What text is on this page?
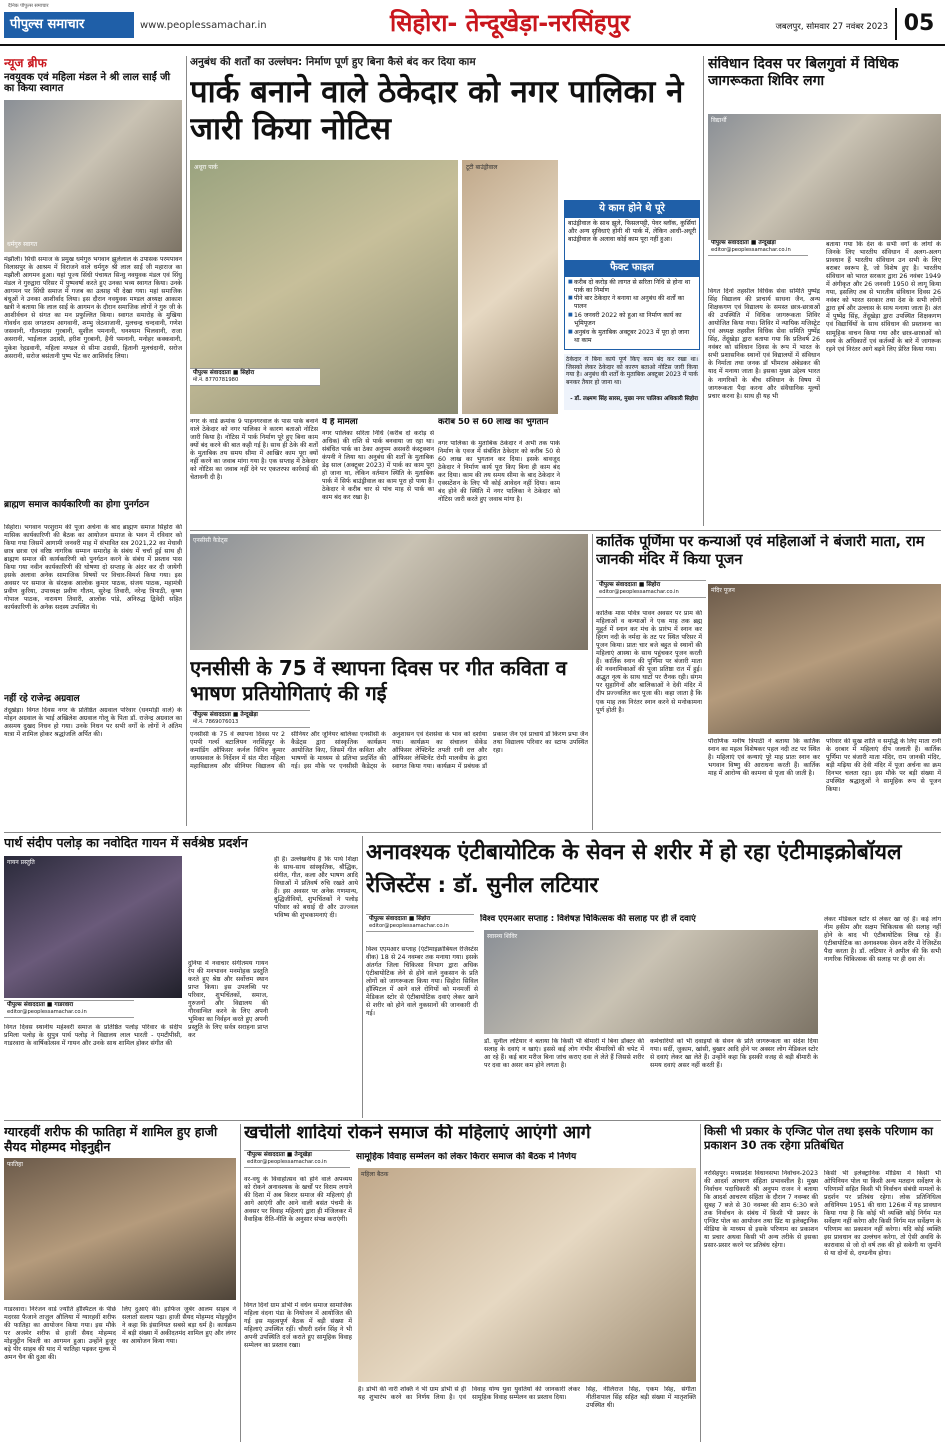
पीपुल्स समाचार
दैनिक पीपुल्स समाचार
www.peoplessamachar.in	सिहोरा- तेन्दूखेड़ा-नरसिंहपुर	जबलपुर, सोमवार 27 नवंबर 2023 05
न्यूज ब्रीफ
नवयुवक एवं महिला मंडल ने श्री लाल साईं जी का किया स्वागत
धर्मगुरु स्वागत
मंझौली। सिंधी समाज के प्रमुख धर्मगुरु भगवान झूलेलाल के उपासक परमपावन विलासपुर के आश्रम में विराजने वाले धर्मगुरु श्री लाल साईं जी महाराज का मझौली आगमन हुआ। यहां पूज्य सिंधी पंचायत सिन्धु नवयुवक मंडल एवं सिंधु मंडल ने गुरुद्वारा परिसर में पुष्पवर्षा करते हुए उनका भव्य स्वागत किया। उनके आगमन पर सिंधी समाज में गजब का उत्साह भी देखा गया। महां समाजिक बंधुओं ने उनका आशीर्वाद लिया। इस दौरान नवयुवक मण्डल अध्यक्ष आकाश खत्री ने बताया कि लाल साईं के आगमन के दौरान समाजिक लोगों ने गुरु जी के आशीर्वचन से संगत का मन प्रफुल्लित किया। स्वागत समारोह के मुखिया गोवर्धन दास जगतराम आगवानी, शम्भु जेठवाजानी, मुलचन्द्र चन्दवानी, गणेश जसवानी, गौतमदास गुरबानी, सुशील पमनानी, घनश्याम भिलवानी, राजा असरानी, भाईलाल उदासी, हरीश गुरबानी, हैनी पमनानी, मनोहर कक्कवानी, मुकेश रेहडवानी, महिला मण्डल से सीमा उदासी, हितानी मूलचंदानी, सरोज असरानी, सरोज बसंतानी पुष्प भेंट कर आशिर्वाद लिया।
ब्राह्मण समाज कार्यकारिणी का होगा पुनर्गठन
सिहोरा। भगवान परशुराम की पूजा अर्चना के बाद ब्राह्मण समाज सिहोरा की मासिक कार्यकारिणी की बैठक का आयोजन समाज के भवन में रविवार को किया गया जिसमें आगामी जनवरी माह में संभावित सत्र 2021,22 का मेधावी छात्र छात्रा एवं वरिष्ठ नागरिक सम्मान समारोह के संबंध में चर्चा हुई साथ ही ब्राह्मण समाज की कार्यकारिणी को पुनर्गठन करने के संबंध में प्रस्ताव पास किया गया नवीन कार्यकारिणी की घोषणा दो सप्ताह के अंदर कर दी जायेगी इसके अलावा अनेक सामाजिक विषयों पर विचार-विमर्श किया गया। इस अवसर पर समाज के संरक्षक आलोक कुमार पाठक, संजय पाठक, महामंत्री प्रवीण कुरिया, उपाध्यक्ष प्रवीण गौतम, सुरेन्द्र तिवारी, नरेन्द्र त्रिपाठी, कृष्ण गोपाल पाठक, नारायण तिवारी, आलोक पांडे, अनिरुद्ध द्विवेदी सहित कार्यकारिणी के अनेक सदस्य उपस्थित थे।
नहीं रहे राजेन्द्र अग्रवाल
तेंदूखेड़ा। विगत दिवस नगर के प्रतिष्ठित अग्रवाल परिवार (धनमोड़ी वाले) के मोहन अग्रवाल के भाई अखिलेश अग्रवाल गोलू के पिता डॉ. राजेन्द्र अग्रवाल का असमय दुखद निधन हो गया। उनके निधन पर सभी वर्गों के लोगों ने अंतिम यात्रा में शामिल होकर श्रद्धांजलि अर्पित की।
अनुबंध की शर्तों का उल्लंघन: निर्माण पूर्ण हुए बिना कैसे बंद कर दिया काम
पार्क बनाने वाले ठेकेदार को नगर पालिका ने जारी किया नोटिस
अधूरा पार्क	टूटी बाउंड्रीवाल
पीपुल्स संवाददाता ■ सिहोरा
मो.नं. 8770781980
ये काम होने थे पूरे
बाउंड्रीवाल के साथ झूले, फिसलपट्टी, पेवर ब्लॉक, कुर्सियां और अन्य सुविधाएं होनी थी पार्क में, लेकिन आधी-अधूरी बाउंड्रीवाल के अलावा कोई काम पूरा नहीं हुआ।
फैक्ट फाइल
■ करीब दो करोड़ की लागत से सरिता निधि से होना था पार्क का निर्माण
■ पीने बार ठेकेदार ने बनाया था अनुबंध की शर्तों का पालन
■ 16 जनवरी 2022 को हुआ था निर्माण कार्य का भूमिपूजन
■ अनुबंध के मुताबिक अक्टूबर 2023 में पूरा हो जाना था काम
ठेकेदार ने बिना कार्य पूर्ण किए काम बंद कर रखा था। जिसको लेकर ठेकेदार को कारण बताओ नोटिस जारी किया गया है। अनुबंध की शर्तों के मुताबिक अक्टूबर 2023 में पार्क बनकर तैयार हो जाना था।
- डॉ. लक्ष्मण सिंह सारस, मुख्य नगर पालिका अधिकारी सिहोरा
नगर के वार्ड क्रमांक 9 पाहनगरवाल के पास पार्क बनाने वाले ठेकेदार को नगर पालिका ने कारण बताओ नोटिस जारी किया है। नोटिस में पार्क निर्माण पूरे हुए बिना काम क्यों बंद करने की बात कही गई है। साथ ही ठेके की शर्तों के मुताबिक तय समय सीमा में आखिर काम पूरा क्यों नहीं करने का जवाब मांगा गया है। एक सप्ताह में ठेकेदार को नोटिस का जवाब नहीं देने पर एकतरफा कार्रवाई की चेतावनी दी है।
ये है मामला
नगर पालिका सरिता निधि (करीब दो करोड़ से अधिक) की राशि से पार्क बनवाया जा रहा था। संबंधित पार्क का ठेका अनुपम असवरी कंस्ट्रक्शन कंपनी ने लिया था। अनुबंध की शर्तों के मुताबिक डेढ़ साल (अक्टूबर 2023) में पार्क का काम पूरा हो जाना था, लेकिन वर्तमान स्थिति के मुताबिक पार्क में सिर्फ बाउंड्रीवाल का काम पूरा हो पाया है। ठेकेदार ने करीब चार से पांच माह से पार्क का काम बंद कर रखा है।
करीब 50 से 60 लाख का भुगतान
नगर पालिका के मुताबिक ठेकेदार ने अभी तक पार्क निर्माण के एवज में संबंधित ठेकेदार को करीब 50 से 60 लाख का भुगतान कर दिया। इसके बावजूद ठेकेदार ने निर्माण कार्य पूरा किए बिना ही काम बंद कर दिया। काम की तय समय सीमा के बाद ठेकेदार ने एक्सटेंशन के लिए भी कोई आवेदन नहीं दिया। काम बंद होने की स्थिति में नगर पालिका ने ठेकेदार को नोटिस जारी करते हुए जवाब मांगा है।
संविधान दिवस पर बिलगुवां में विधिक जागरूकता शिविर लगा
विद्यार्थी
पीपुल्स संवाददाता ■ तेन्दूखेड़ा
editor@peoplessamachar.co.in
विगत दिनों तहसील विधिक सेवा समिति पुष्पेंद्र सिंह विद्यालय की प्राचार्य साधना जैन, अन्य शिक्षकगण एवं विद्यालय के समस्त छात्र-छात्राओं की उपस्थिति में विधिक जागरूकता शिविर आयोजित किया गया। शिविर में न्यायिक मजिस्ट्रेट एवं अध्यक्ष तहसील विधिक सेवा समिति पुष्पेंद्र सिंह, तेंदूखेड़ा द्वारा बताया गया कि प्रतिवर्ष 26 नवंबर को संविधान दिवस के रूप में भारत के सभी प्रशासनिक स्थानों एवं विद्यालयों में संविधान के निर्माता तथा जनक डॉ भीमराव अंबेडकर की याद में मनाया जाता है। इसका मुख्य उद्देश्य भारत के नागरिकों के बीच संविधान के विषय में जागरूकता पैदा करना और संवैधानिक मूल्यों प्रचार करना है। साथ ही यह भी
बताया गया कि देश के सभी वर्गों के लोगों के जिनके लिए भारतीय संविधान में अलग-अलग प्रावधान हैं भारतीय संविधान उन सभी के लिए बराबर स्वरूप है, जो विशेष हुए है। भारतीय संविधान को भारत सरकार द्वारा 26 नवंबर 1949 में अंगीकृत और 26 जनवरी 1950 से लागू किया गया, इसलिए तब से भारतीय संविधान दिवस 26 नवंबर को भारत सरकार तथा देश के सभी लोगों द्वारा हर्ष और उल्लास के साथ मनाया जाता है। अंत में पुष्पेंद्र सिंह, तेंदूखेड़ा द्वारा उपस्थित शिक्षकगण एवं विद्यार्थियों के साथ संविधान की प्रस्तावना का सामूहिक वाचन किया गया और छात्र-छात्राओं को स्वयं के अधिकारों एवं कर्तव्यों के बारे में जागरूक रहने एवं निरंतर आगे बढ़ने लिए प्रेरित किया गया।
एनसीसी कैडेट्स
एनसीसी के 75 वें स्थापना दिवस पर गीत कविता व भाषण प्रतियोगिताएं की गई
पीपुल्स संवाददाता ■ तेन्दूखेड़ा
मो.नं. 7869076013
एनसीसी के 75 वें स्थापना दिवस पर 2 एमपी गर्ल्स बटालियन नरसिंहपुर के कमांडिंग ऑफिसर कर्नल विपिन कुमार जायसवाल के निर्देशन में संत मीरा महिला महाविद्यालय और सीनियर विद्यालय की सीनियर और जूनियर बालिका एनसीसी के कैडेट्स द्वारा सांस्कृतिक कार्यक्रम आयोजित किए, जिसमें गीत कविता और भाषणों के माध्यम से प्रतिभा प्रदर्शित की गई। इस मौके पर एनसीसी कैडेट्स के अनुशासन एवं देशसेवा के भाव को दर्शाया गया। कार्यक्रम का संचालन सेकेंड ऑफिसर लेफ्टिनेंट तपती रानी दत्त और ऑफिसर लेफ्टिनेंट रोमी मालवीय के द्वारा स्वागत किया गया। कार्यक्रम में प्रबंधक डॉ प्रकाश जैन एवं प्राचार्य डॉ किरण प्रभा जैन तथा विद्यालय परिवार का स्टाफ उपस्थित रहा।
कार्तिक पूर्णिमा पर कन्याओं एवं महिलाओं ने बंजारी माता, राम जानकी मंदिर में किया पूजन
पीपुल्स संवाददाता ■ सिहोरा
editor@peoplessamachar.co.in
कार्तिक मास पवित्र पावन अवसर पर प्राम की महिलाओं व कन्याओं ने एक माह तक ब्रह्म मुहूर्त में स्नान कर मंच के प्रारंभ में स्नान कर हिरण नदी के नर्मदा के तट पर स्थित परिसर में पूजन किया। प्रातः चार बजे बहुत से स्थानों की महिलाएं आस्था के साथ पहुंचकर पूजन करती हैं। कार्तिक स्नान की पूर्णिमा पर बंजारी माता की नवनामिकाओं की पूजा प्रतिष्ठा रात में हुई। अद्भुत नृत्य के साथ घाटों पर रौनक रही। संगम पर सुहागिनों और बालिकाओं ने देवी मंदिर में दीप प्रज्ज्वलित कर पूजा की। कहा जाता है कि एक माह तक निरंतर स्नान करने से मनोकामना पूर्ण होती है।
मंदिर पूजन
पौराणिक मनीष त्रिपाठी ने बताया कि कार्तिक स्नान का महत्व विशेषकर पहल नदी तट पर स्थित है। महिलाएं एवं कन्याएं पूरे माह प्रातः स्नान कर भगवान विष्णु की आराधना करती हैं। कार्तिक माह में आरोग्य की कामना से पूजा की जाती है।
परिवार की सुख शांति व समृद्धि के लिए माता रानी के दरबार में महिलाएं दीप जलाती हैं। कार्तिक पूर्णिमा पर बंजारी माता मंदिर, राम जानकी मंदिर, बड़ी मढ़िया की देवी मंदिर में पूजा अर्चना का क्रम दिनभर चलता रहा। इस मौके पर बड़ी संख्या में उपस्थित श्रद्धालुओं ने सामूहिक रूप से पूजन किया।
पार्थ संदीप पलोड़ का नवोदित गायन में सर्वश्रेष्ठ प्रदर्शन
गायन प्रस्तुति
पीपुल्स संवाददाता ■ गाडरवारा
editor@peoplessamachar.co.in
विगत दिवस स्थानीय महेश्वरी समाज के प्रतिष्ठित पलोड़ परिवार के संदीप प्रमिला पलोड़ के सुपुत्र पार्थ पलोड़ ने विद्यालय लाल भारती - एमटीपीसी, गाडरवारा के वार्षिकोत्सव में गायन और उनके साथ शामिल होकर संगीत की
दुनिया में नवाचार संगीतमय गायन रेप की मनभावन मनमोहक प्रस्तुति करते हुए श्रेष्ठ और सर्वोत्तम स्थान प्राप्त किया। इस उपलब्धि पर परिवार, शुभचिंतकों, समाज, गुरुजनों और विद्यालय की गौरवान्वित करने के लिए अपनी भूमिका का निर्वहन करते हुए अपनी प्रस्तुति के लिए सर्वत्र सराहना प्राप्त कर
ही है। उल्लेखनीय है कि पार्थ शिक्षा के साथ-साथ सांस्कृतिक, बौद्धिक, संगीत, गीत, कला और भाषण आदि विधाओं में प्रतिवर्ष रुचि रखते आये हैं। इस अवसर पर अनेक गणमान्य, बुद्धिजीवियों, शुभचिंतकों ने पलोड़ परिवार को बधाई दी और उज्ज्वल भविष्य की शुभकामनाएं दी।
अनावश्यक एंटीबायोटिक के सेवन से शरीर में हो रहा एंटीमाइक्रोबॉयल रेजिस्टेंस : डॉ. सुनील लटियार
पीपुल्स संवाददाता ■ सिहोरा
editor@peoplessamachar.co.in
विश्व एएमआर सप्ताह : विशेषज्ञ चिकित्सक की सलाह पर ही लें दवाएं
विश्व एएमआर सप्ताह (एंटीमाइक्रोबियल रेजिस्टेंस वीक) 18 से 24 नवम्बर तक मनाया गया। इसके अंतर्गत जिला चिकित्सा विभाग द्वारा अधिक एंटीबायोटिक लेने से होने वाले नुकसान के प्रति लोगों को जागरूकता किया गया। सिहोरा सिविल हॉस्पिटल में आने वाले रोगियों को मनमर्जी से मेडिकल स्टोर से एंटीबायोटिक दवाएं लेकर खाने से शरीर को होने वाले नुकसानों की जानकारी दी गई।
स्वास्थ्य शिविर
डॉ. सुनील लटियार ने बताया कि किसी भी बीमारी में बिना डॉक्टर की सलाह के दवाएं न खाएं। इससे कई लोग गंभीर बीमारियों की चपेट में आ रहे हैं। कई बार मरीज बिना जांच कराए दवा ले लेते हैं जिससे शरीर पर दवा का असर कम होने लगता है।
कर्मचारियों को भी दवाइयों के सेवन के प्रति जागरूकता का संदेश दिया गया। सर्दी, जुकाम, खांसी, बुखार आदि होने पर अक्सर लोग मेडिकल स्टोर से दवाएं लेकर खा लेते हैं। उन्होंने कहा कि इसकी वजह से बड़ी बीमारी के समय दवाएं असर नहीं करती हैं।
लेकर मेडिकल स्टोर से लेकर खा रहे हैं। कई लोग नीम हकीम और सक्षम चिकित्सक की सलाह नहीं होने के बाद भी एंटीबायोटिक लिख रहे हैं। एंटीबायोटिक का अनावश्यक सेवन शरीर में रेजिस्टेंस पैदा करता है। डॉ. लटियार ने अपील की कि सभी नागरिक चिकित्सक की सलाह पर ही दवा लें।
ग्यारहवीं शरीफ की फातिहा में शामिल हुए हाजी सैयद मोहम्मद मोइनुद्दीन
फातिहा
गाडरवारा। निरंजन वार्ड ज्योति हॉस्पिटल के पीछे मदरसा फैजाने ताजुल औलिया में ग्यारहवीं शरीफ की फातिहा का आयोजन किया गया। इस मौके पर अजमेर शरीफ से हाजी सैयद मोहम्मद मोइनुद्दीन चिश्ती का आगमन हुआ। उन्होंने हुजूर बड़े पीर साहब की याद में फातिहा पढ़कर मुल्क में अमन चैन की दुआ की।
लिए दुआएं की। हाफिज जुबेर आलम साहब ने सलातो सलाम पढ़ा। हाजी सैयद मोहम्मद मोइनुद्दीन ने कहा कि इंसानियत सबसे बड़ा धर्म है। कार्यक्रम में बड़ी संख्या में अकीदतमंद शामिल हुए और लंगर का आयोजन किया गया।
खर्चीली शादियां रोकने समाज की महिलाएं आएंगी आगे
पीपुल्स संवाददाता ■ तेन्दूखेड़ा
editor@peoplessamachar.co.in
सामूहिक विवाह सम्मेलन को लेकर किरार समाज की बैठक में निर्णय
वर-वधु के विवाहोत्सव को होने वाले अपव्यय को रोकने अनावश्यक के खर्चों पर विराम लगाने की दिशा में अब किरार समाज की महिलाएं ही आगे आएंगी और आने वाली बसंत पंचमी के अवसर पर विवाह महिलाएं द्वारा ही मंजिलकर में वैवाहिक रीति-नीति के अनुसार संपन्न कराएंगी।
विगत दिनों ग्राम डोभी में वर्धन समाज सामाजिक महिला वंदना पंडा के नियोजन में आयोजित की गई इस महत्वपूर्ण बैठक में बड़ी संख्या में महिलाएं उपस्थित रहीं। चौधरी दर्शन सिंह ने भी अपनी उपस्थिति दर्ज कराते हुए सामूहिक विवाह सम्मेलन का प्रस्ताव रखा।
महिला बैठक
है। डोभी की नारी शक्ति ने भी ग्राम डोभी से ही यह शुभारंभ करने का निर्णय लिया है। एवं विवाह योग्य युवा युवतियों की जानकारी लेकर सामूहिक विवाह सम्मेलन का प्रस्ताव दिया।
सिंह, नीलिराज सिंह, एकम सिंह, संगीता नीतीशपाल सिंह सहित बड़ी संख्या में मातृशक्ति उपस्थित थी।
किसी भी प्रकार के एग्जिट पोल तथा इसके परिणाम का प्रकाशन 30 तक रहेगा प्रतिबंधित
नरसिंहपुर। मध्यप्रदेश विधानसभा निर्वाचन-2023 की आदर्श आचरण संहिता प्रभावशील है। मुख्य निर्वाचन पदाधिकारी श्री अनुपम राजन ने बताया कि आदर्श आचरण संहिता के दौरान 7 नवम्बर की सुबह 7 बजे से 30 नवम्बर की शाम 6:30 बजे तक निर्वाचन के संबंध में किसी भी प्रकार के एग्जिट पोल का आयोजन तथा प्रिंट या इलेक्ट्रानिक मीडिया के माध्यम से इसके परिणाम का प्रकाशन या प्रचार अथवा किसी भी अन्य तरीके से इसका प्रसार-प्रसार करने पर प्रतिबंध रहेगा।
किसी भी इलेक्ट्रानिक मीडिया में किसी भी ओपिनियन पोल या किसी अन्य मतदान सर्वेक्षण के परिणामों सहित किसी भी निर्वाचन संबंधी मामलों के प्रदर्शन पर प्रतिबंध रहेगा। लोक प्रतिनिधित्व अधिनियम 1951 की धारा 126क में यह प्रावधान किया गया है कि कोई भी व्यक्ति कोई निर्गम मत सर्वेक्षण नहीं करेगा और किसी निर्गम मत सर्वेक्षण के परिणाम का प्रकाशन नहीं करेगा। यदि कोई व्यक्ति इस प्रावधान का उल्लंघन करेगा, तो ऐसी अवधि के कारावास से जो दो वर्ष तक की हो सकेगी या जुर्माने से या दोनों से, दण्डनीय होगा।
